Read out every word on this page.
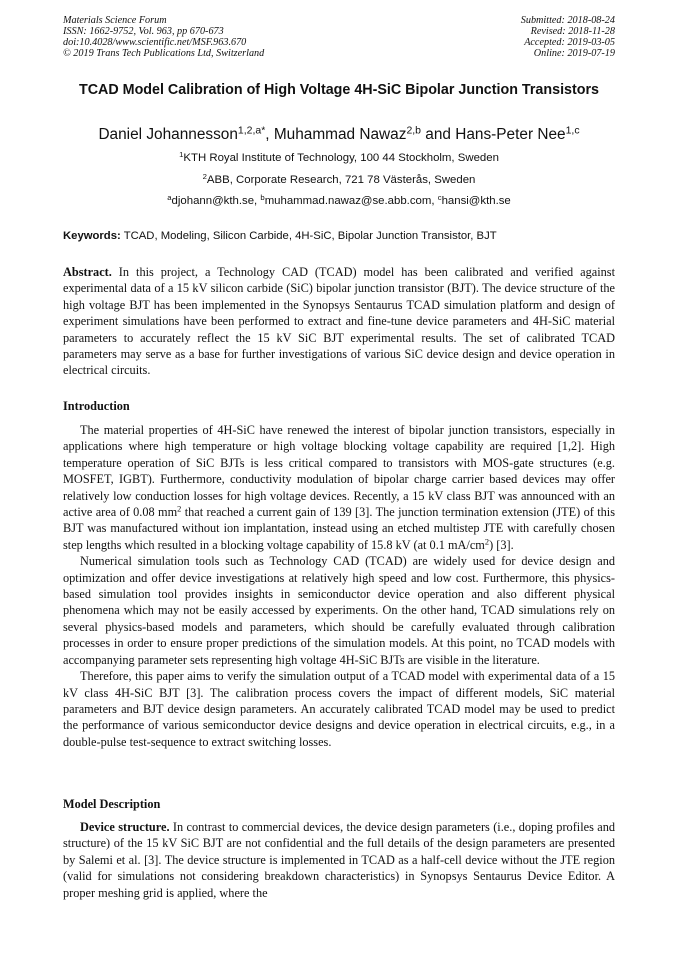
Materials Science Forum
ISSN: 1662-9752, Vol. 963, pp 670-673
doi:10.4028/www.scientific.net/MSF.963.670
© 2019 Trans Tech Publications Ltd, Switzerland
Submitted: 2018-08-24
Revised: 2018-11-28
Accepted: 2019-03-05
Online: 2019-07-19
TCAD Model Calibration of High Voltage 4H-SiC Bipolar Junction Transistors
Daniel Johannesson$^{1,2,a*}$, Muhammad Nawaz$^{2,b}$ and Hans-Peter Nee$^{1,c}$
$^1$KTH Royal Institute of Technology, 100 44 Stockholm, Sweden
$^2$ABB, Corporate Research, 721 78 Västerås, Sweden
$^a$djohann@kth.se, $^b$muhammad.nawaz@se.abb.com, $^c$hansi@kth.se
Keywords: TCAD, Modeling, Silicon Carbide, 4H-SiC, Bipolar Junction Transistor, BJT

Abstract. In this project, a Technology CAD (TCAD) model has been calibrated and verified against experimental data of a 15 kV silicon carbide (SiC) bipolar junction transistor (BJT). The device structure of the high voltage BJT has been implemented in the Synopsys Sentaurus TCAD simulation platform and design of experiment simulations have been performed to extract and fine-tune device parameters and 4H-SiC material parameters to accurately reflect the 15 kV SiC BJT experimental results. The set of calibrated TCAD parameters may serve as a base for further investigations of various SiC device design and device operation in electrical circuits.

Introduction

The material properties of 4H-SiC have renewed the interest of bipolar junction transistors, especially in applications where high temperature or high voltage blocking voltage capability are required [1,2]. High temperature operation of SiC BJTs is less critical compared to transistors with MOS-gate structures (e.g. MOSFET, IGBT). Furthermore, conductivity modulation of bipolar charge carrier based devices may offer relatively low conduction losses for high voltage devices. Recently, a 15 kV class BJT was announced with an active area of 0.08 $mm^2$ that reached a current gain of 139 [3]. The junction termination extension (JTE) of this BJT was manufactured without ion implantation, instead using an etched multistep JTE with carefully chosen step lengths which resulted in a blocking voltage capability of 15.8 kV (at 0.1 $mA/cm^2$) [3].

Numerical simulation tools such as Technology CAD (TCAD) are widely used for device design and optimization and offer device investigations at relatively high speed and low cost. Furthermore, this physics-based simulation tool provides insights in semiconductor device operation and also different physical phenomena which may not be easily accessed by experiments. On the other hand, TCAD simulations rely on several physics-based models and parameters, which should be carefully evaluated through calibration processes in order to ensure proper predictions of the simulation models. At this point, no TCAD models with accompanying parameter sets representing high voltage 4H-SiC BJTs are visible in the literature.

Therefore, this paper aims to verify the simulation output of a TCAD model with experimental data of a 15 kV class 4H-SiC BJT [3]. The calibration process covers the impact of different models, SiC material parameters and BJT device design parameters. An accurately calibrated TCAD model may be used to predict the performance of various semiconductor device designs and device operation in electrical circuits, e.g., in a double-pulse test-sequence to extract switching losses.

Model Description

Device structure. In contrast to commercial devices, the device design parameters (i.e., doping profiles and structure) of the 15 kV SiC BJT are not confidential and the full details of the design parameters are presented by Salemi et al. [3]. The device structure is implemented in TCAD as a half-cell device without the JTE region (valid for simulations not considering breakdown characteristics) in Synopsys Sentaurus Device Editor. A proper meshing grid is applied, where the
